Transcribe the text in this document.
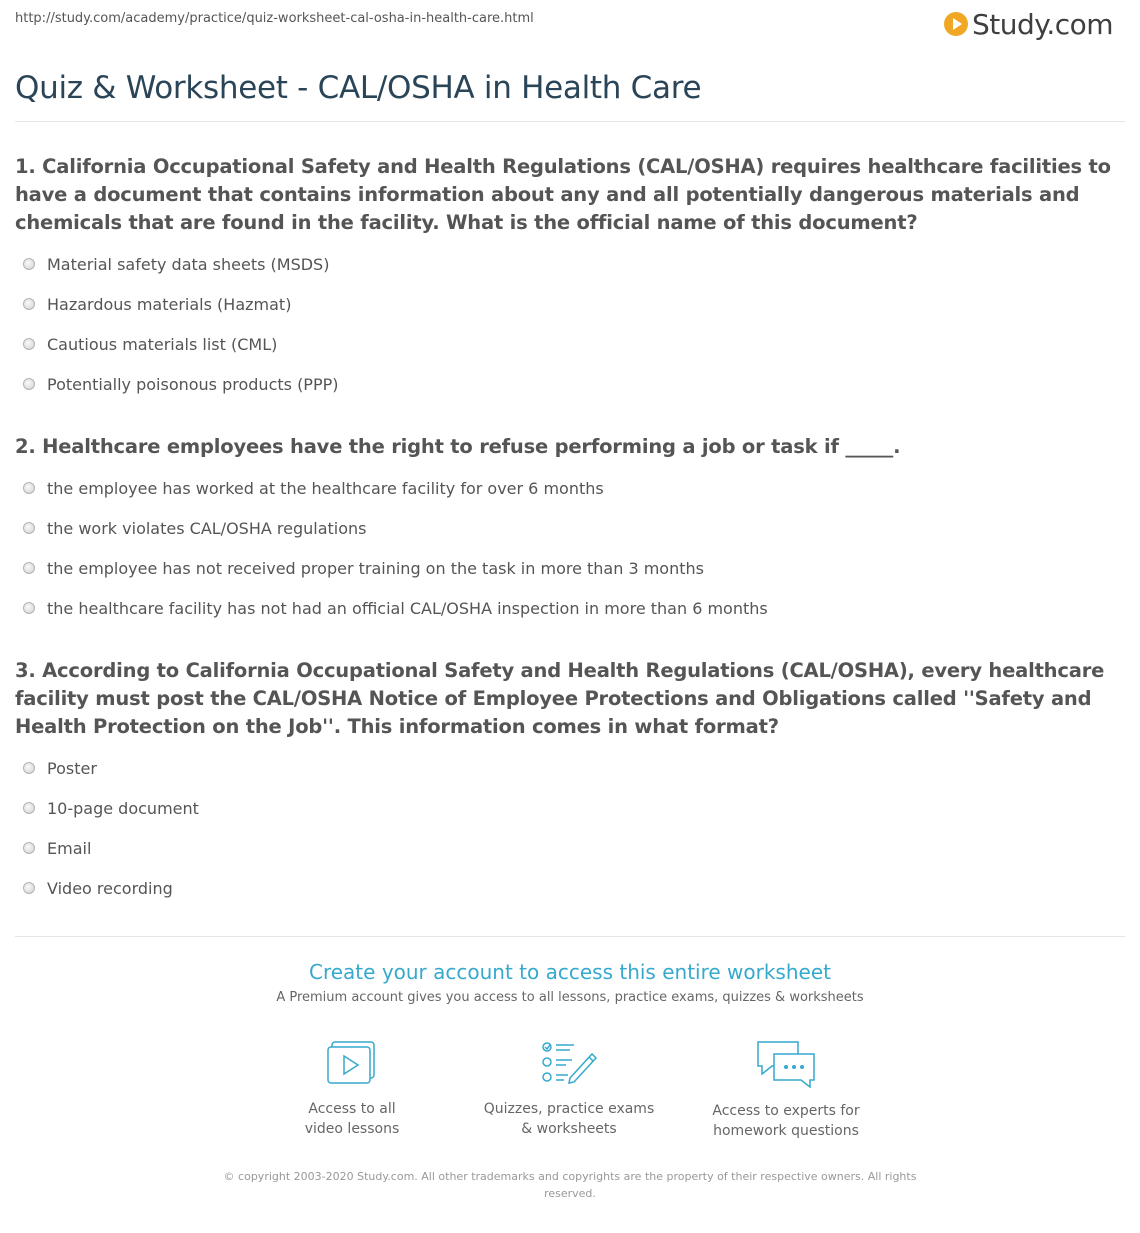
http://study.com/academy/practice/quiz-worksheet-cal-osha-in-health-care.html	Study.com
Quiz & Worksheet - CAL/OSHA in Health Care
1. California Occupational Safety and Health Regulations (CAL/OSHA) requires healthcare facilities to have a document that contains information about any and all potentially dangerous materials and chemicals that are found in the facility. What is the official name of this document?
Material safety data sheets (MSDS)
Hazardous materials (Hazmat)
Cautious materials list (CML)
Potentially poisonous products (PPP)
2. Healthcare employees have the right to refuse performing a job or task if _____.
the employee has worked at the healthcare facility for over 6 months
the work violates CAL/OSHA regulations
the employee has not received proper training on the task in more than 3 months
the healthcare facility has not had an official CAL/OSHA inspection in more than 6 months
3. According to California Occupational Safety and Health Regulations (CAL/OSHA), every healthcare facility must post the CAL/OSHA Notice of Employee Protections and Obligations called ''Safety and Health Protection on the Job''. This information comes in what format?
Poster
10-page document
Email
Video recording
Create your account to access this entire worksheet
A Premium account gives you access to all lessons, practice exams, quizzes & worksheets
Access to all
video lessons
Quizzes, practice exams
& worksheets
Access to experts for
homework questions
© copyright 2003-2020 Study.com. All other trademarks and copyrights are the property of their respective owners. All rights reserved.
